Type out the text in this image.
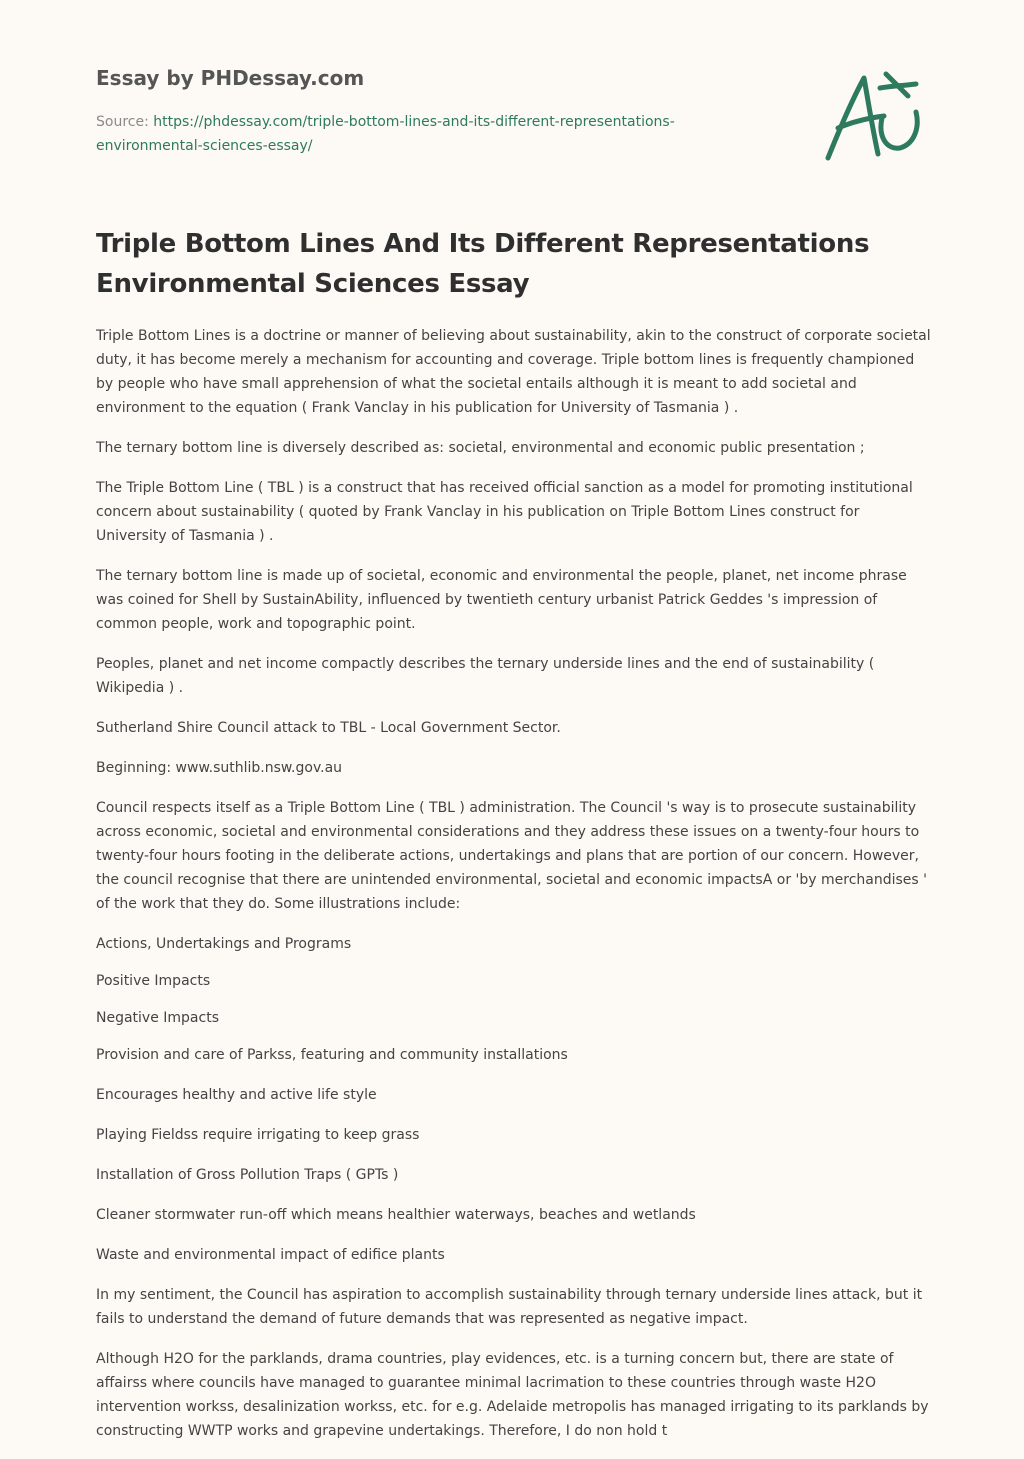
Essay by PHDessay.com
Source: https://phdessay.com/triple-bottom-lines-and-its-different-representations-environmental-sciences-essay/
Triple Bottom Lines And Its Different Representations Environmental Sciences Essay

Triple Bottom Lines is a doctrine or manner of believing about sustainability, akin to the construct of corporate societal duty, it has become merely a mechanism for accounting and coverage. Triple bottom lines is frequently championed by people who have small apprehension of what the societal entails although it is meant to add societal and environment to the equation ( Frank Vanclay in his publication for University of Tasmania ) .

The ternary bottom line is diversely described as: societal, environmental and economic public presentation ;

The Triple Bottom Line ( TBL ) is a construct that has received official sanction as a model for promoting institutional concern about sustainability ( quoted by Frank Vanclay in his publication on Triple Bottom Lines construct for University of Tasmania ) .

The ternary bottom line is made up of societal, economic and environmental the people, planet, net income phrase was coined for Shell by SustainAbility, influenced by twentieth century urbanist Patrick Geddes 's impression of common people, work and topographic point.

Peoples, planet and net income compactly describes the ternary underside lines and the end of sustainability ( Wikipedia ) .

Sutherland Shire Council attack to TBL - Local Government Sector.

Beginning: www.suthlib.nsw.gov.au

Council respects itself as a Triple Bottom Line ( TBL ) administration. The Council 's way is to prosecute sustainability across economic, societal and environmental considerations and they address these issues on a twenty-four hours to twenty-four hours footing in the deliberate actions, undertakings and plans that are portion of our concern. However, the council recognise that there are unintended environmental, societal and economic impactsA or 'by merchandises ' of the work that they do. Some illustrations include:

Actions, Undertakings and Programs

Positive Impacts

Negative Impacts

Provision and care of Parkss, featuring and community installations

Encourages healthy and active life style

Playing Fieldss require irrigating to keep grass

Installation of Gross Pollution Traps ( GPTs )

Cleaner stormwater run-off which means healthier waterways, beaches and wetlands

Waste and environmental impact of edifice plants

In my sentiment, the Council has aspiration to accomplish sustainability through ternary underside lines attack, but it fails to understand the demand of future demands that was represented as negative impact.

Although H2O for the parklands, drama countries, play evidences, etc. is a turning concern but, there are state of affairss where councils have managed to guarantee minimal lacrimation to these countries through waste H2O intervention workss, desalinization workss, etc. for e.g. Adelaide metropolis has managed irrigating to its parklands by constructing WWTP works and grapevine undertakings. Therefore, I do non hold t
